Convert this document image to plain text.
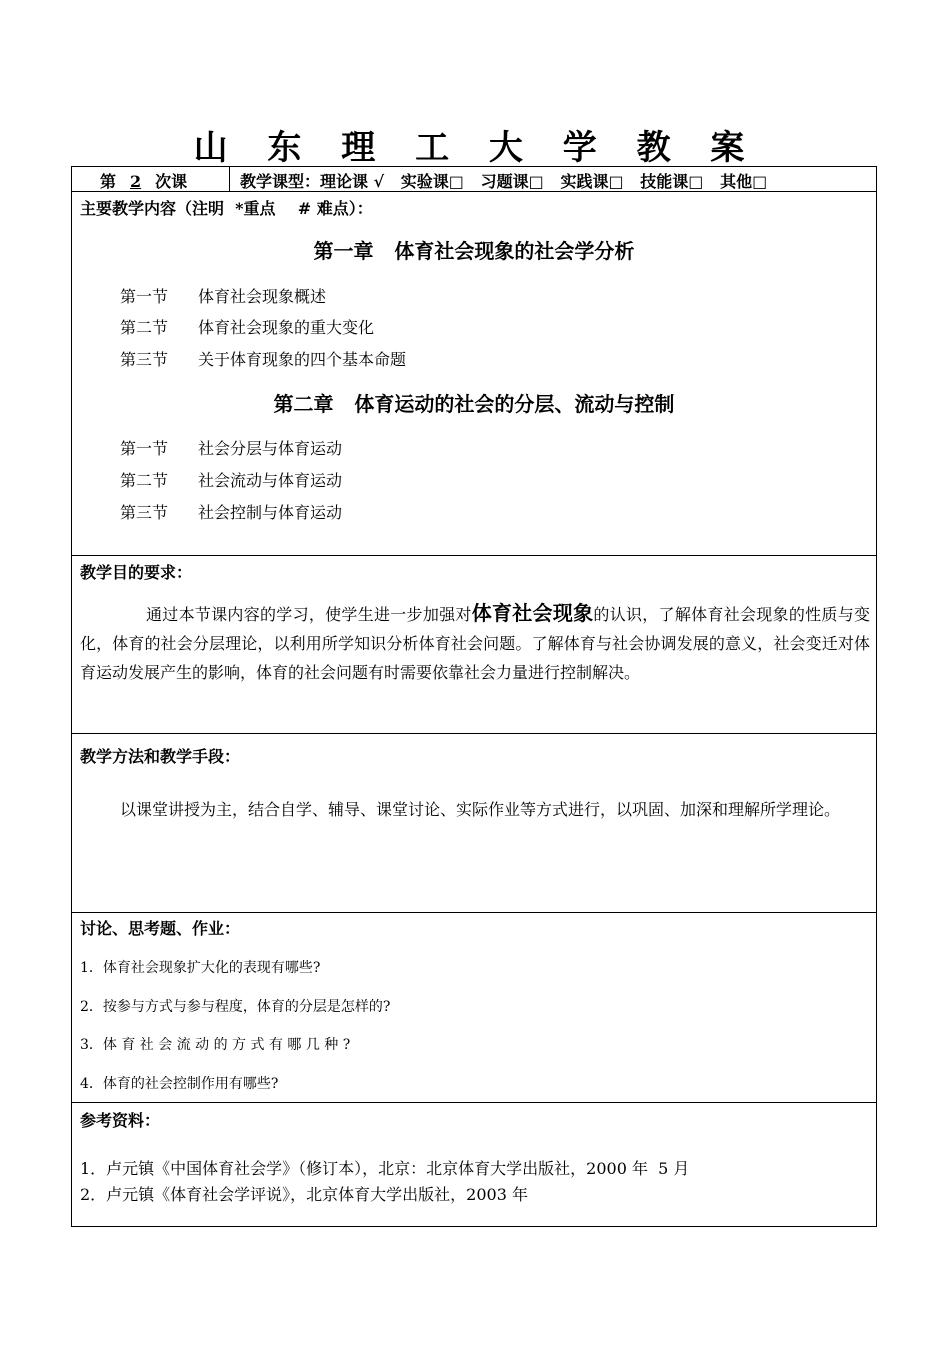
山 东 理 工 大 学 教 案
第 2 次课	教学课型：理论课 √   实验课□   习题课□   实践课□   技能课□   其他□
主要教学内容（注明  *重点    # 难点）：
第一章   体育社会现象的社会学分析
第一节 体育社会现象概述
第二节 体育社会现象的重大变化
第三节 关于体育现象的四个基本命题
第二章   体育运动的社会的分层、流动与控制
第一节 社会分层与体育运动
第二节 社会流动与体育运动
第三节 社会控制与体育运动
教学目的要求：
通过本节课内容的学习，使学生进一步加强对体育社会现象的认识，了解体育社会现象的性质与变化，体育的社会分层理论，以利用所学知识分析体育社会问题。了解体育与社会协调发展的意义，社会变迁对体育运动发展产生的影响，体育的社会问题有时需要依靠社会力量进行控制解决。
教学方法和教学手段：
以课堂讲授为主，结合自学、辅导、课堂讨论、实际作业等方式进行，以巩固、加深和理解所学理论。
讨论、思考题、作业：
1．体育社会现象扩大化的表现有哪些?
2．按参与方式与参与程度，体育的分层是怎样的?
3．体 育 社 会 流 动 的 方 式 有 哪 几 种 ?
4．体育的社会控制作用有哪些?
参考资料：
1．卢元镇《中国体育社会学》（修订本），北京：北京体育大学出版社，2000 年  5 月
2．卢元镇《体育社会学评说》，北京体育大学出版社，2003 年
